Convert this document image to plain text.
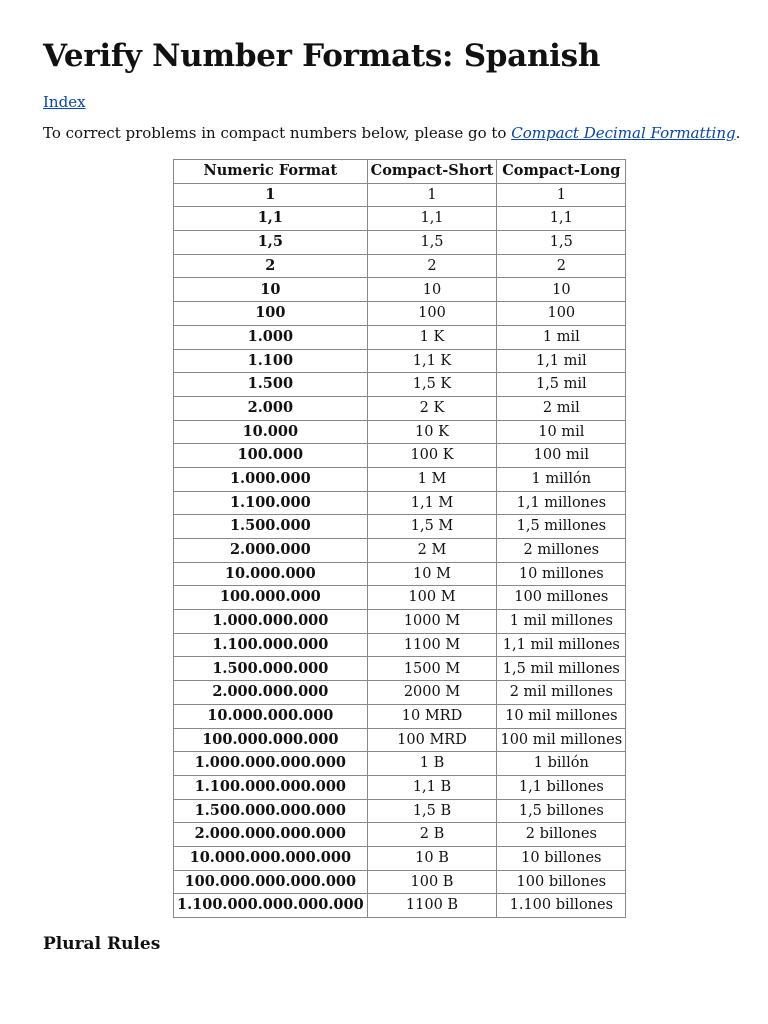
Verify Number Formats: Spanish
Index

To correct problems in compact numbers below, please go to Compact Decimal Formatting.

Numeric Format	Compact-Short	Compact-Long
1	1	1
1,1	1,1	1,1
1,5	1,5	1,5
2	2	2
10	10	10
100	100	100
1.000	1 K	1 mil
1.100	1,1 K	1,1 mil
1.500	1,5 K	1,5 mil
2.000	2 K	2 mil
10.000	10 K	10 mil
100.000	100 K	100 mil
1.000.000	1 M	1 millón
1.100.000	1,1 M	1,1 millones
1.500.000	1,5 M	1,5 millones
2.000.000	2 M	2 millones
10.000.000	10 M	10 millones
100.000.000	100 M	100 millones
1.000.000.000	1000 M	1 mil millones
1.100.000.000	1100 M	1,1 mil millones
1.500.000.000	1500 M	1,5 mil millones
2.000.000.000	2000 M	2 mil millones
10.000.000.000	10 MRD	10 mil millones
100.000.000.000	100 MRD	100 mil millones
1.000.000.000.000	1 B	1 billón
1.100.000.000.000	1,1 B	1,1 billones
1.500.000.000.000	1,5 B	1,5 billones
2.000.000.000.000	2 B	2 billones
10.000.000.000.000	10 B	10 billones
100.000.000.000.000	100 B	100 billones
1.100.000.000.000.000	1100 B	1.100 billones
Plural Rules
